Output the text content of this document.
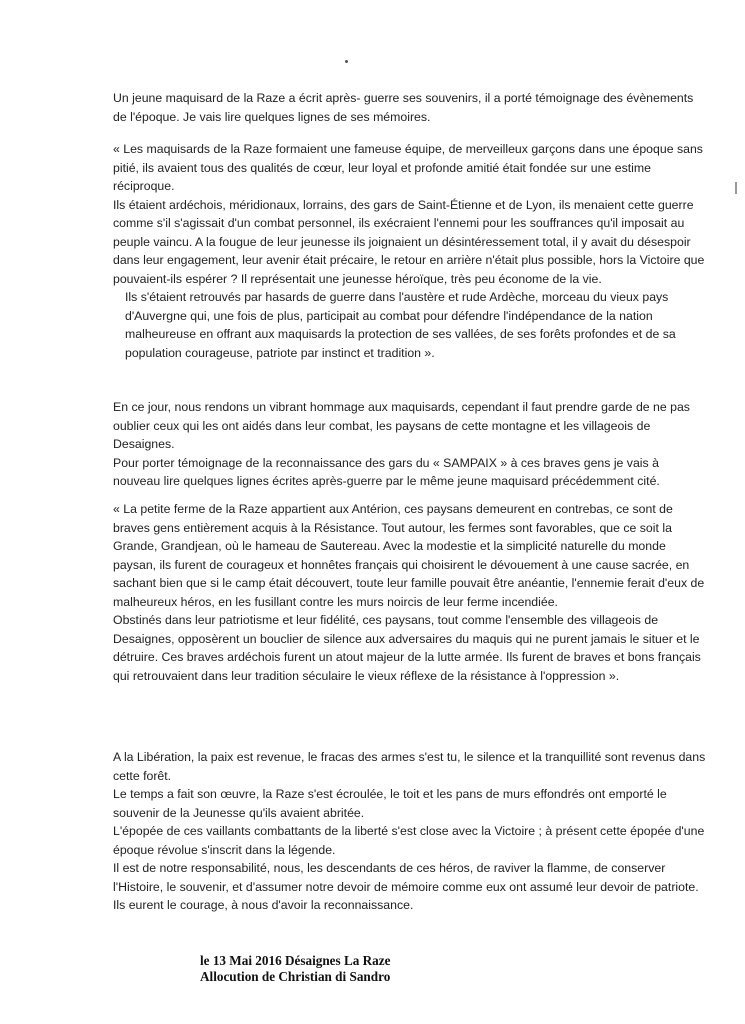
Un jeune maquisard de la Raze a écrit après- guerre ses souvenirs, il a porté témoignage des évènements de l'époque. Je vais lire quelques lignes de ses mémoires.

« Les maquisards de la Raze formaient une fameuse équipe, de merveilleux garçons dans une époque sans pitié, ils avaient tous des qualités de cœur, leur loyal et profonde amitié était fondée sur une estime réciproque.

Ils étaient ardéchois, méridionaux, lorrains, des gars de Saint-Étienne et de Lyon, ils menaient cette guerre comme s'il s'agissait d'un combat personnel, ils exécraient l'ennemi pour les souffrances qu'il imposait au peuple vaincu. A la fougue de leur jeunesse ils joignaient un désintéressement total, il y avait du désespoir dans leur engagement, leur avenir était précaire, le retour en arrière n'était plus possible, hors la Victoire que pouvaient-ils espérer ? Il représentait une jeunesse héroïque, très peu économe de la vie.

Ils s'étaient retrouvés par hasards de guerre dans l'austère et rude Ardèche, morceau du vieux pays d'Auvergne qui, une fois de plus, participait au combat pour défendre l'indépendance de la nation malheureuse en offrant aux maquisards la protection de ses vallées, de ses forêts profondes et de sa population courageuse, patriote par instinct et tradition ».

En ce jour, nous rendons un vibrant hommage aux maquisards, cependant il faut prendre garde de ne pas oublier ceux qui les ont aidés dans leur combat, les paysans de cette montagne et les villageois de Desaignes.

Pour porter témoignage de la reconnaissance des gars du « SAMPAIX » à ces braves gens je vais à nouveau lire quelques lignes écrites après-guerre par le même jeune maquisard précédemment cité.

« La petite ferme de la Raze appartient aux Antérion, ces paysans demeurent en contrebas, ce sont de braves gens entièrement acquis à la Résistance. Tout autour, les fermes sont favorables, que ce soit la Grande, Grandjean, où le hameau de Sautereau. Avec la modestie et la simplicité naturelle du monde paysan, ils furent de courageux et honnêtes français qui choisirent le dévouement à une cause sacrée, en sachant bien que si le camp était découvert, toute leur famille pouvait être anéantie, l'ennemie ferait d'eux de malheureux héros, en les fusillant contre les murs noircis de leur ferme incendiée.

Obstinés dans leur patriotisme et leur fidélité, ces paysans, tout comme l'ensemble des villageois de Desaignes, opposèrent un bouclier de silence aux adversaires du maquis qui ne purent jamais le situer et le détruire. Ces braves ardéchois furent un atout majeur de la lutte armée. Ils furent de braves et bons français qui retrouvaient dans leur tradition séculaire le vieux réflexe de la résistance à l'oppression ».

A la Libération, la paix est revenue, le fracas des armes s'est tu, le silence et la tranquillité sont revenus dans cette forêt.

Le temps a fait son œuvre, la Raze s'est écroulée, le toit et les pans de murs effondrés ont emporté le souvenir de la Jeunesse qu'ils avaient abritée.

L'épopée de ces vaillants combattants de la liberté s'est close avec la Victoire ; à présent cette épopée d'une époque révolue s'inscrit dans la légende.

Il est de notre responsabilité, nous, les descendants de ces héros, de raviver la flamme, de conserver l'Histoire, le souvenir, et d'assumer notre devoir de mémoire comme eux ont assumé leur devoir de patriote.

Ils eurent le courage, à nous d'avoir la reconnaissance.

le 13 Mai 2016 Désaignes La Raze

Allocution de Christian di Sandro
